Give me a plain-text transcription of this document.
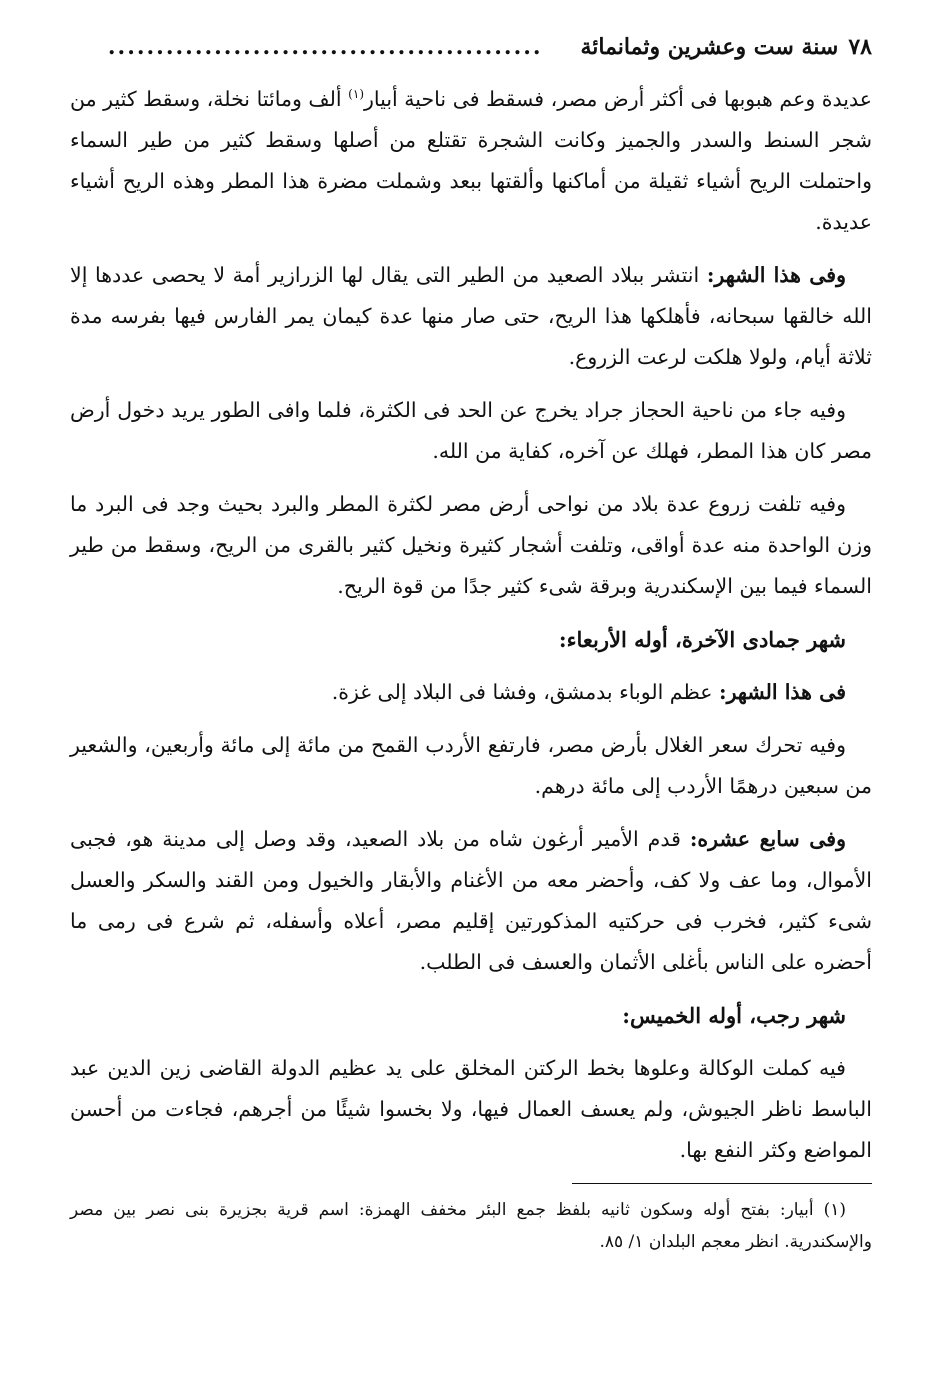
٧٨
سنة ست وعشرين وثمانمائة
.............................................

عديدة وعم هبوبها فى أكثر أرض مصر، فسقط فى ناحية أبيار$^{(١)}$ ألف ومائتا نخلة، وسقط كثير من شجر السنط والسدر والجميز وكانت الشجرة تقتلع من أصلها وسقط كثير من طير السماء واحتملت الريح أشياء ثقيلة من أماكنها وألقتها ببعد وشملت مضرة هذا المطر وهذه الريح أشياء عديدة.

وفى هذا الشهر: انتشر ببلاد الصعيد من الطير التى يقال لها الزرازير أمة لا يحصى عددها إلا الله خالقها سبحانه، فأهلكها هذا الريح، حتى صار منها عدة كيمان يمر الفارس فيها بفرسه مدة ثلاثة أيام، ولولا هلكت لرعت الزروع.

وفيه جاء من ناحية الحجاز جراد يخرج عن الحد فى الكثرة، فلما وافى الطور يريد دخول أرض مصر كان هذا المطر، فهلك عن آخره، كفاية من الله.

وفيه تلفت زروع عدة بلاد من نواحى أرض مصر لكثرة المطر والبرد بحيث وجد فى البرد ما وزن الواحدة منه عدة أواقى، وتلفت أشجار كثيرة ونخيل كثير بالقرى من الريح، وسقط من طير السماء فيما بين الإسكندرية وبرقة شىء كثير جدًا من قوة الريح.

شهر جمادى الآخرة، أوله الأربعاء:

فى هذا الشهر: عظم الوباء بدمشق، وفشا فى البلاد إلى غزة.

وفيه تحرك سعر الغلال بأرض مصر، فارتفع الأردب القمح من مائة إلى مائة وأربعين، والشعير من سبعين درهمًا الأردب إلى مائة درهم.

وفى سابع عشره: قدم الأمير أرغون شاه من بلاد الصعيد، وقد وصل إلى مدينة هو، فجبى الأموال، وما عف ولا كف، وأحضر معه من الأغنام والأبقار والخيول ومن القند والسكر والعسل شىء كثير، فخرب فى حركتيه المذكورتين إقليم مصر، أعلاه وأسفله، ثم شرع فى رمى ما أحضره على الناس بأغلى الأثمان والعسف فى الطلب.

شهر رجب، أوله الخميس:

فيه كملت الوكالة وعلوها بخط الركتن المخلق على يد عظيم الدولة القاضى زين الدين عبد الباسط ناظر الجيوش، ولم يعسف العمال فيها، ولا بخسوا شيئًا من أجرهم، فجاءت من أحسن المواضع وكثر النفع بها.

(١) أبيار: بفتح أوله وسكون ثانيه بلفظ جمع البئر مخفف الهمزة: اسم قرية بجزيرة بنى نصر بين مصر والإسكندرية. انظر معجم البلدان ١/ ٨٥.
